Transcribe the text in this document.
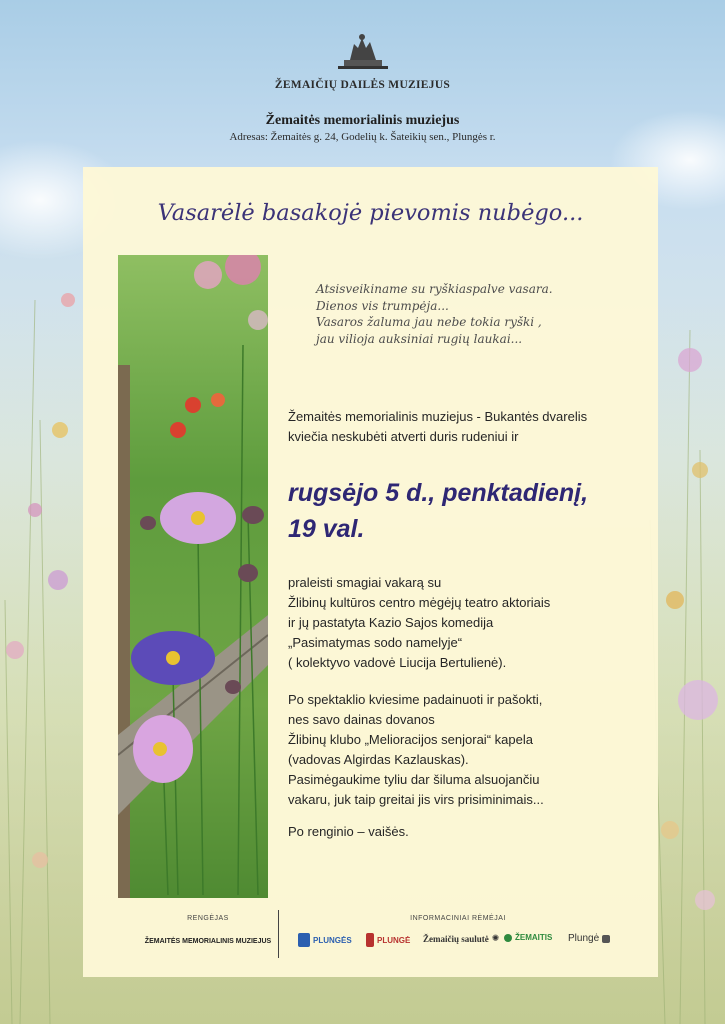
ŽEMAIČIŲ DAILĖS MUZIEJUS
Žemaitės memorialinis muziejus
Adresas: Žemaitės g. 24, Godelių k. Šateikių sen., Plungės r.
Vasarėlė basakojė pievomis nubėgo...
Atsisveikiname su ryškiaspalve vasara.
Dienos vis trumpėja...
Vasaros žaluma jau nebe tokia ryški ,
jau vilioja auksiniai rugių laukai...
Žemaitės memorialinis muziejus - Bukantės dvarelis
kviečia neskubėti atverti duris rudeniui ir
rugsėjo 5 d., penktadienį,
19 val.
praleisti smagiai vakarą su
Žlibinų kultūros centro mėgėjų teatro aktoriais
ir jų pastatyta Kazio Sajos komedija
„Pasimatymas sodo namelyje“
( kolektyvo vadovė Liucija Bertulienė).
Po spektaklio kviesime padainuoti ir pašokti,
nes savo dainas dovanos
Žlibinų klubo „Melioracijos senjorai“ kapela
(vadovas Algirdas Kazlauskas).
Pasimėgaukime tyliu dar šiluma alsuojančiu
vakaru, juk taip greitai jis virs prisiminimais...
Po renginio – vaišės.
RENGĖJAS
ŽEMAITĖS MEMORIALINIS MUZIEJUS
INFORMACINIAI RĖMĖJAI
PLUNGĖS	PLUNGĖ Žemaičių saulutė ✺ ŽEMAITIS Plungė
